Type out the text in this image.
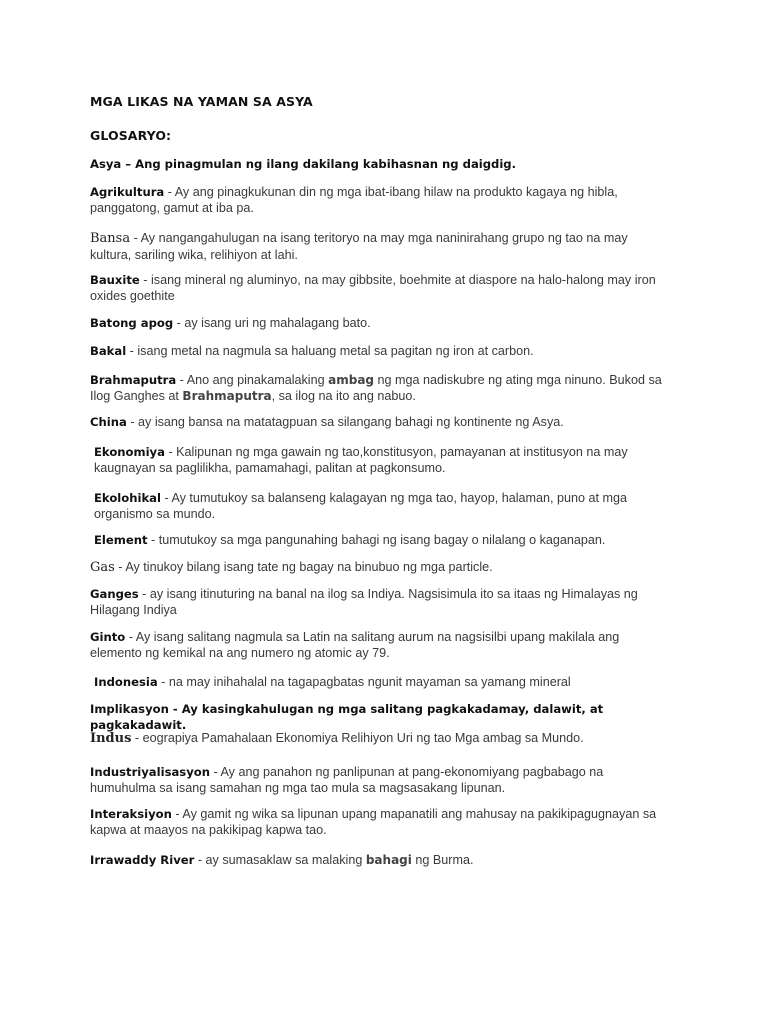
MGA LIKAS NA YAMAN SA ASYA

GLOSARYO:

Asya – Ang pinagmulan ng ilang dakilang kabihasnan ng daigdig.
Agrikultura - Ay ang pinagkukunan din ng mga ibat-ibang hilaw na produkto kagaya ng hibla, panggatong, gamut at iba pa.
Bansa - Ay nangangahulugan na isang teritoryo na may mga naninirahang grupo ng tao na may kultura, sariling wika, relihiyon at lahi.
Bauxite - isang mineral ng aluminyo, na may gibbsite, boehmite at diaspore na halo-halong may iron oxides goethite
Batong apog - ay isang uri ng mahalagang bato.
Bakal - isang metal na nagmula sa haluang metal sa pagitan ng iron at carbon.
Brahmaputra - Ano ang pinakamalaking ambag ng mga nadiskubre ng ating mga ninuno. Bukod sa Ilog Ganghes at Brahmaputra, sa ilog na ito ang nabuo.
China - ay isang bansa na matatagpuan sa silangang bahagi ng kontinente ng Asya.
Ekonomiya - Kalipunan ng mga gawain ng tao,konstitusyon, pamayanan at institusyon na may kaugnayan sa paglilikha, pamamahagi, palitan at pagkonsumo.
Ekolohikal - Ay tumutukoy sa balanseng kalagayan ng mga tao, hayop, halaman, puno at mga organismo sa mundo.
Element - tumutukoy sa mga pangunahing bahagi ng isang bagay o nilalang o kaganapan.
Gas - Ay tinukoy bilang isang tate ng bagay na binubuo ng mga particle.
Ganges - ay isang itinuturing na banal na ilog sa Indiya. Nagsisimula ito sa itaas ng Himalayas ng Hilagang Indiya
Ginto - Ay isang salitang nagmula sa Latin na salitang aurum na nagsisilbi upang makilala ang elemento ng kemikal na ang numero ng atomic ay 79.
Indonesia - na may inihahalal na tagapagbatas ngunit mayaman sa yamang mineral
Implikasyon - Ay kasingkahulugan ng mga salitang pagkakadamay, dalawit, at pagkakadawit.
Indus - eograpiya Pamahalaan Ekonomiya Relihiyon Uri ng tao Mga ambag sa Mundo.
Industriyalisasyon - Ay ang panahon ng panlipunan at pang-ekonomiyang pagbabago na humuhulma sa isang samahan ng mga tao mula sa magsasakang lipunan.
Interaksiyon - Ay gamit ng wika sa lipunan upang mapanatili ang mahusay na pakikipagugnayan sa kapwa at maayos na pakikipag kapwa tao.
Irrawaddy River - ay sumasaklaw sa malaking bahagi ng Burma.
